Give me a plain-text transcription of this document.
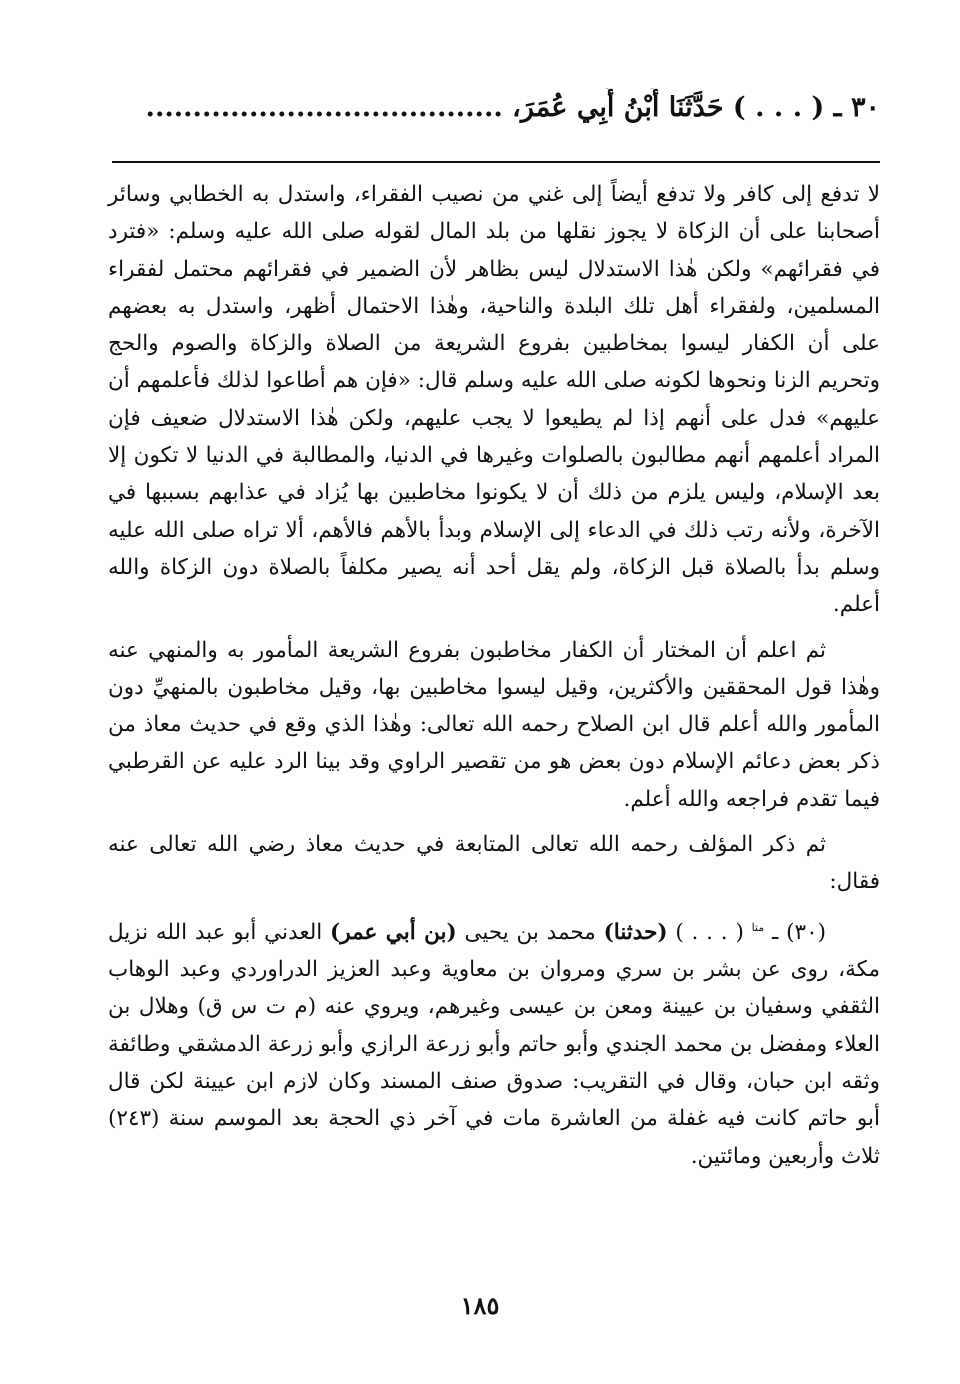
٣٠ ـ ( . . . ) حَدَّثَنَا أَبْنُ أَبِي عُمَرَ، ......................................

لا تدفع إلى كافر ولا تدفع أيضاً إلى غني من نصيب الفقراء، واستدل به الخطابي وسائر أصحابنا على أن الزكاة لا يجوز نقلها من بلد المال لقوله صلى الله عليه وسلم: «فترد في فقرائهم» ولكن هٰذا الاستدلال ليس بظاهر لأن الضمير في فقرائهم محتمل لفقراء المسلمين، ولفقراء أهل تلك البلدة والناحية، وهٰذا الاحتمال أظهر، واستدل به بعضهم على أن الكفار ليسوا بمخاطبين بفروع الشريعة من الصلاة والزكاة والصوم والحج وتحريم الزنا ونحوها لكونه صلى الله عليه وسلم قال: «فإن هم أطاعوا لذلك فأعلمهم أن عليهم» فدل على أنهم إذا لم يطيعوا لا يجب عليهم، ولكن هٰذا الاستدلال ضعيف فإن المراد أعلمهم أنهم مطالبون بالصلوات وغيرها في الدنيا، والمطالبة في الدنيا لا تكون إلا بعد الإسلام، وليس يلزم من ذلك أن لا يكونوا مخاطبين بها يُزاد في عذابهم بسببها في الآخرة، ولأنه رتب ذلك في الدعاء إلى الإسلام وبدأ بالأهم فالأهم، ألا تراه صلى الله عليه وسلم بدأ بالصلاة قبل الزكاة، ولم يقل أحد أنه يصير مكلفاً بالصلاة دون الزكاة والله أعلم.

ثم اعلم أن المختار أن الكفار مخاطبون بفروع الشريعة المأمور به والمنهي عنه وهٰذا قول المحققين والأكثرين، وقيل ليسوا مخاطبين بها، وقيل مخاطبون بالمنهيِّ دون المأمور والله أعلم قال ابن الصلاح رحمه الله تعالى: وهٰذا الذي وقع في حديث معاذ من ذكر بعض دعائم الإسلام دون بعض هو من تقصير الراوي وقد بينا الرد عليه عن القرطبي فيما تقدم فراجعه والله أعلم.

ثم ذكر المؤلف رحمه الله تعالى المتابعة في حديث معاذ رضي الله تعالى عنه فقال:

(٣٠) ـ $^{متا}$ ( . . . ) (حدثنا) محمد بن يحيى (بن أبي عمر) العدني أبو عبد الله نزيل مكة، روى عن بشر بن سري ومروان بن معاوية وعبد العزيز الدراوردي وعبد الوهاب الثقفي وسفيان بن عيينة ومعن بن عيسى وغيرهم، ويروي عنه (م ت س ق) وهلال بن العلاء ومفضل بن محمد الجندي وأبو حاتم وأبو زرعة الرازي وأبو زرعة الدمشقي وطائفة وثقه ابن حبان، وقال في التقريب: صدوق صنف المسند وكان لازم ابن عيينة لكن قال أبو حاتم كانت فيه غفلة من العاشرة مات في آخر ذي الحجة بعد الموسم سنة (٢٤٣) ثلاث وأربعين ومائتين.

١٨٥
